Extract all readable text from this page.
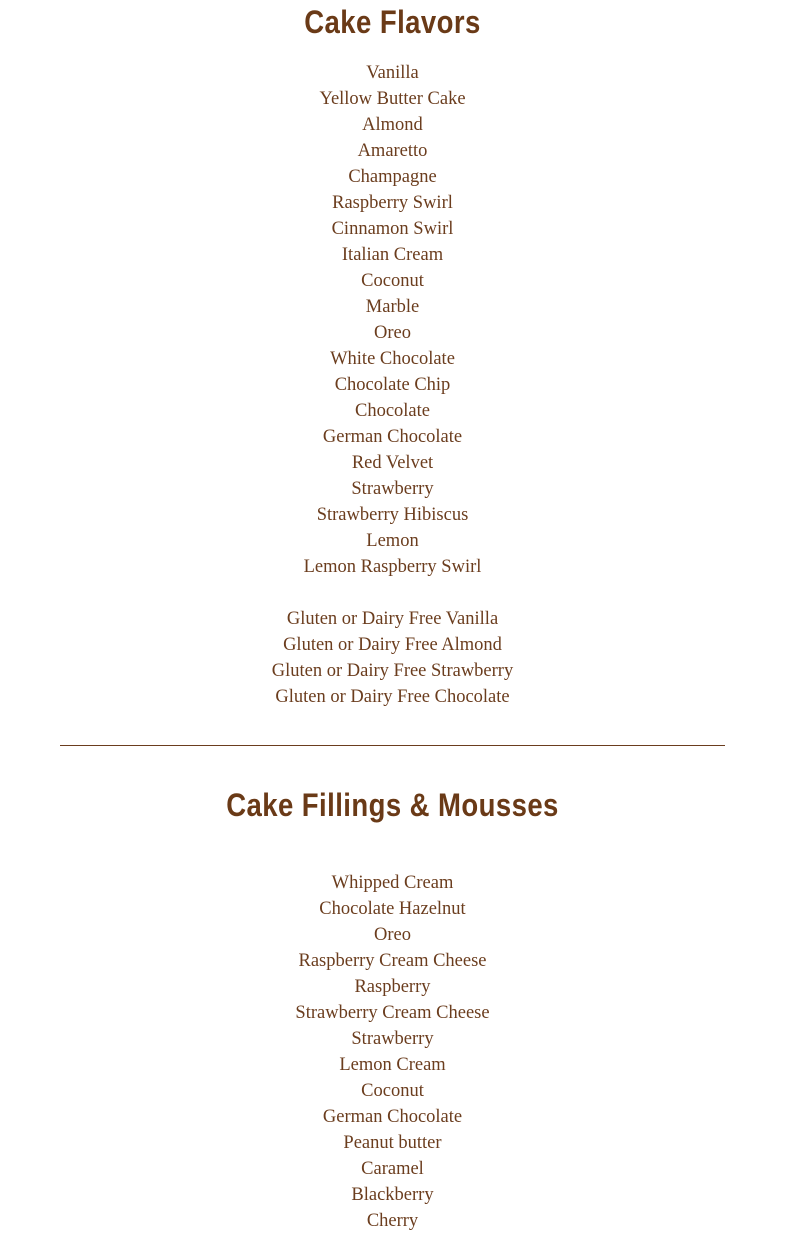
Cake Flavors
Vanilla
Yellow Butter Cake
Almond
Amaretto
Champagne
Raspberry Swirl
Cinnamon Swirl
Italian Cream
Coconut
Marble
Oreo
White Chocolate
Chocolate Chip
Chocolate
German Chocolate
Red Velvet
Strawberry
Strawberry Hibiscus
Lemon
Lemon Raspberry Swirl
Gluten or Dairy Free Vanilla
Gluten or Dairy Free Almond
Gluten or Dairy Free Strawberry
Gluten or Dairy Free Chocolate
Cake Fillings & Mousses
Whipped Cream
Chocolate Hazelnut
Oreo
Raspberry Cream Cheese
Raspberry
Strawberry Cream Cheese
Strawberry
Lemon Cream
Coconut
German Chocolate
Peanut butter
Caramel
Blackberry
Cherry
